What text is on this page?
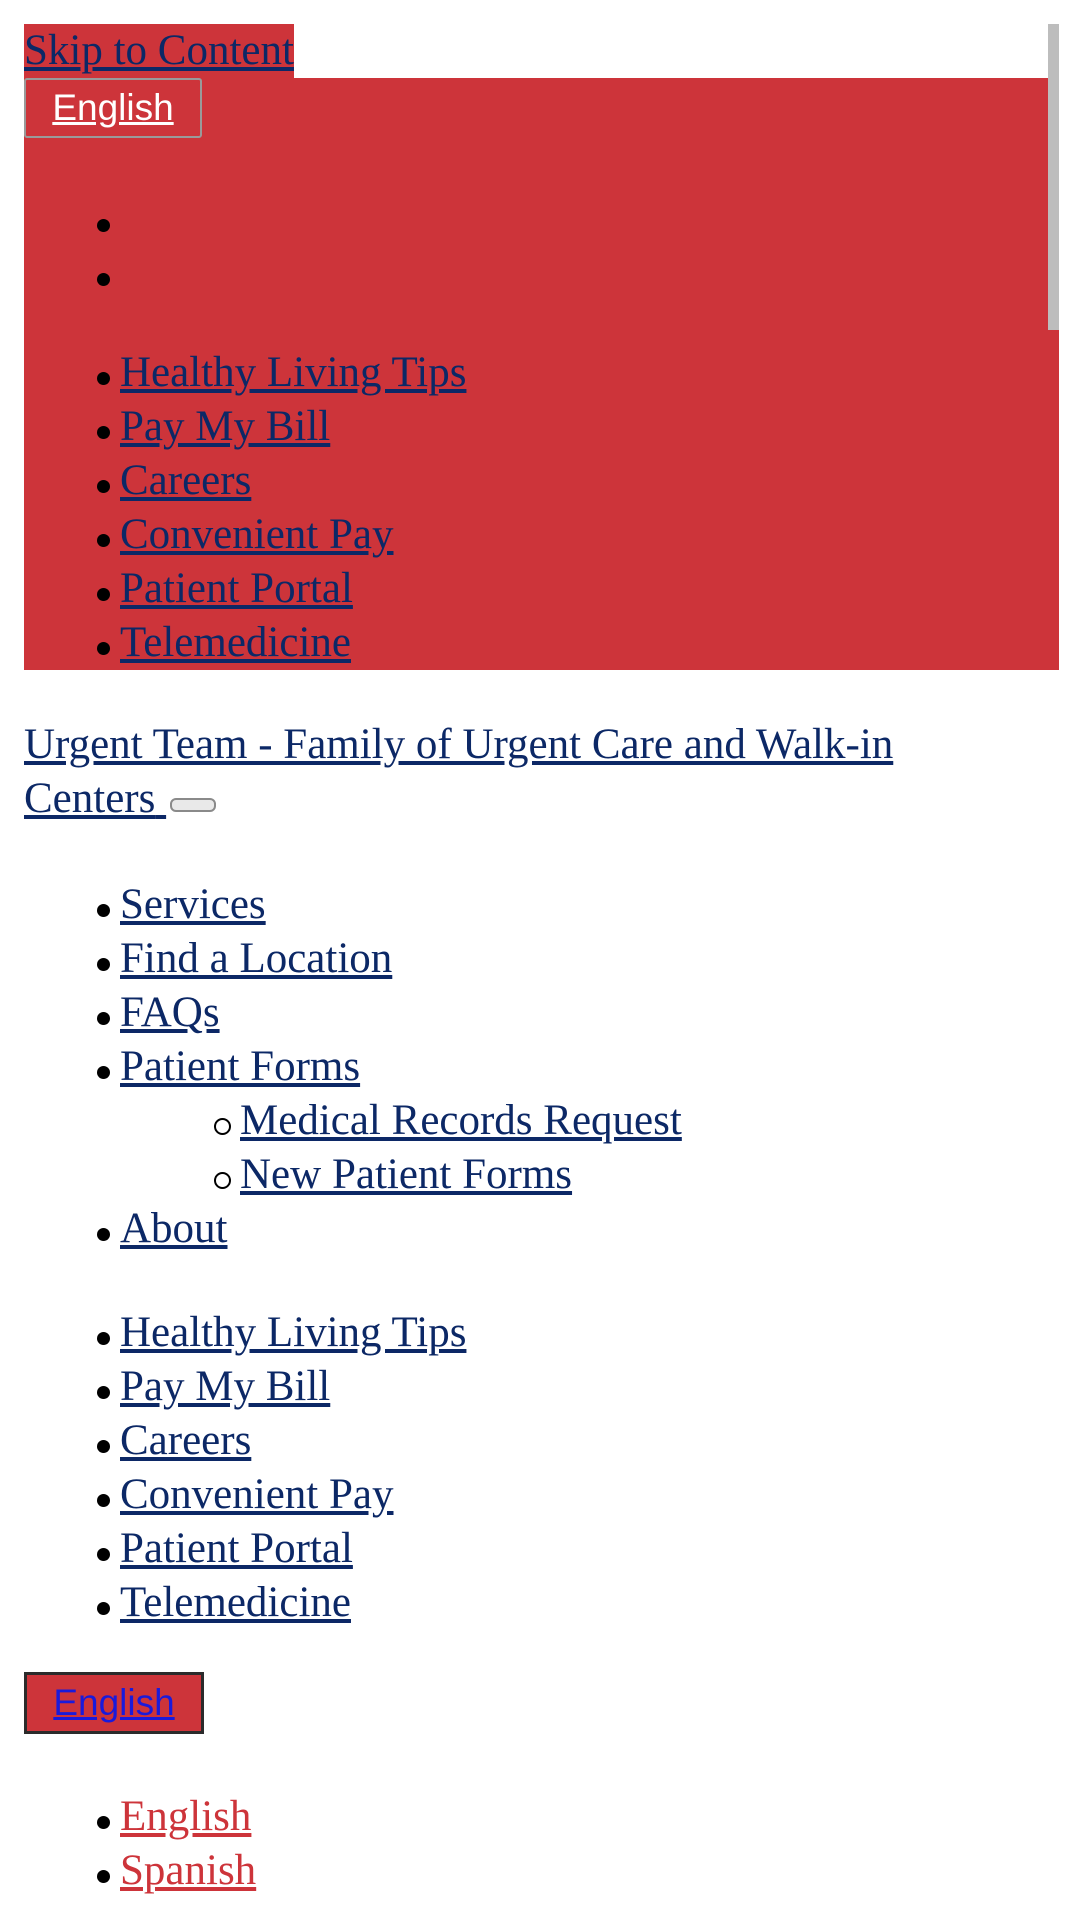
Skip to Content
English
Healthy Living Tips
Pay My Bill
Careers
Convenient Pay
Patient Portal
Telemedicine
Urgent Team - Family of Urgent Care and Walk-in Centers
Services
Find a Location
FAQs
Patient Forms
Medical Records Request
New Patient Forms
About
Healthy Living Tips
Pay My Bill
Careers
Convenient Pay
Patient Portal
Telemedicine
English
English
Spanish
